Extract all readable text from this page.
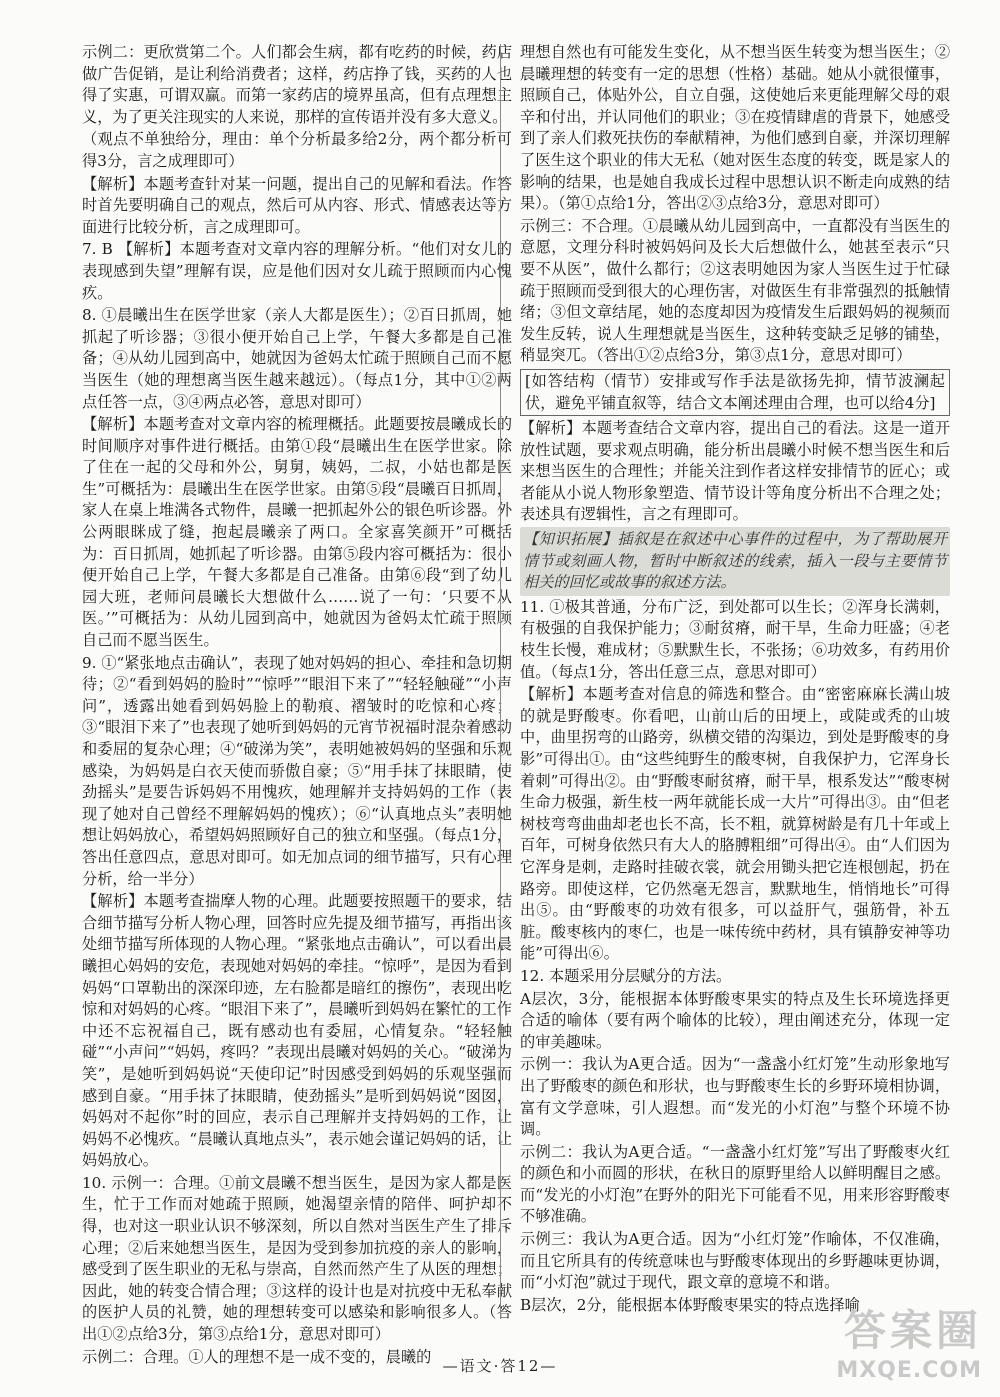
示例二：更欣赏第二个。人们都会生病，都有吃药的时候，药店做广告促销，是让利给消费者；这样，药店挣了钱，买药的人也得了实惠，可谓双赢。而第一家药店的境界虽高，但有点理想主义，为了更关注现实的人来说，那样的宣传语并没有多大意义。

（观点不单独给分，理由：单个分析最多给2分，两个都分析可得3分，言之成理即可）

【解析】本题考查针对某一问题，提出自己的见解和看法。作答时首先要明确自己的观点，然后可从内容、形式、情感表达等方面进行比较分析，言之成理即可。

7. B 【解析】本题考查对文章内容的理解分析。“他们对女儿的表现感到失望”理解有误，应是他们因对女儿疏于照顾而内心愧疚。

8. ①晨曦出生在医学世家（亲人大都是医生）；②百日抓周，她抓起了听诊器；③很小便开始自己上学，午餐大多都是自己准备；④从幼儿园到高中，她就因为爸妈太忙疏于照顾自己而不愿当医生（她的理想离当医生越来越远）。（每点1分，其中①②两点任答一点，③④两点必答，意思对即可）

【解析】本题考查对文章内容的梳理概括。此题要按晨曦成长的时间顺序对事件进行概括。由第①段“晨曦出生在医学世家。除了住在一起的父母和外公，舅舅，姨妈，二叔，小姑也都是医生”可概括为：晨曦出生在医学世家。由第⑤段“晨曦百日抓周，家人在桌上堆满各式物件，晨曦一把抓起外公的银色听诊器。外公两眼眯成了缝，抱起晨曦亲了两口。全家喜笑颜开”可概括为：百日抓周，她抓起了听诊器。由第⑤段内容可概括为：很小便开始自己上学，午餐大多都是自己准备。由第⑥段“到了幼儿园大班，老师问晨曦长大想做什么……说了一句：‘只要不从医。’”可概括为：从幼儿园到高中，她就因为爸妈太忙疏于照顾自己而不愿当医生。

9. ①“紧张地点击确认”，表现了她对妈妈的担心、牵挂和急切期待；②“看到妈妈的脸时”“惊呼”“眼泪下来了”“轻轻触碰”“小声问”，透露出她看到妈妈脸上的勒痕、褶皱时的吃惊和心疼；③“眼泪下来了”也表现了她听到妈妈的元宵节祝福时混杂着感动和委屈的复杂心理；④“破涕为笑”，表明她被妈妈的坚强和乐观感染，为妈妈是白衣天使而骄傲自豪；⑤“用手抹了抹眼睛，使劲摇头”是要告诉妈妈不用愧疚，她理解并支持妈妈的工作（表现了她对自己曾经不理解妈妈的愧疚）；⑥“认真地点头”表明她想让妈妈放心，希望妈妈照顾好自己的独立和坚强。（每点1分，答出任意四点，意思对即可。如无加点词的细节描写，只有心理分析，给一半分）

【解析】本题考查揣摩人物的心理。此题要按照题干的要求，结合细节描写分析人物心理，回答时应先提及细节描写，再指出该处细节描写所体现的人物心理。“紧张地点击确认”，可以看出晨曦担心妈妈的安危，表现她对妈妈的牵挂。“惊呼”，是因为看到妈妈“口罩勒出的深深印迹，左右脸都是暗红的擦伤”，表现出吃惊和对妈妈的心疼。“眼泪下来了”，晨曦听到妈妈在繁忙的工作中还不忘祝福自己，既有感动也有委屈，心情复杂。“轻轻触碰”“小声问”“妈妈，疼吗？”表现出晨曦对妈妈的关心。“破涕为笑”，是她听到妈妈说“天使印记”时因感受到妈妈的乐观坚强而感到自豪。“用手抹了抹眼睛，使劲摇头”是听到妈妈说“囡囡，妈妈对不起你”时的回应，表示自己理解并支持妈妈的工作，让妈妈不必愧疚。“晨曦认真地点头”，表示她会谨记妈妈的话，让妈妈放心。

10. 示例一：合理。①前文晨曦不想当医生，是因为家人都是医生，忙于工作而对她疏于照顾，她渴望亲情的陪伴、呵护却不得，也对这一职业认识不够深刻，所以自然对当医生产生了排斥心理；②后来她想当医生，是因为受到参加抗疫的亲人的影响，感受到了医生职业的无私与崇高，自然而然产生了从医的理想；因此，她的转变合情合理；③这样的设计也是对抗疫中无私奉献的医护人员的礼赞，她的理想转变可以感染和影响很多人。（答出①②点给3分，第③点给1分，意思对即可）

示例二：合理。①人的理想不是一成不变的，晨曦的

理想自然也有可能发生变化，从不想当医生转变为想当医生；②晨曦理想的转变有一定的思想（性格）基础。她从小就很懂事，照顾自己，体贴外公，自立自强，这使她后来更能理解父母的艰辛和付出，并认同他们的职业；③在疫情肆虐的背景下，她感受到了亲人们救死扶伤的奉献精神，为他们感到自豪，并深切理解了医生这个职业的伟大无私（她对医生态度的转变，既是家人的影响的结果，也是她自我成长过程中思想认识不断走向成熟的结果）。（第①点给1分，答出②③点给3分，意思对即可）

示例三：不合理。①晨曦从幼儿园到高中，一直都没有当医生的意愿，文理分科时被妈妈问及长大后想做什么，她甚至表示“只要不从医”，做什么都行；②这表明她因为家人当医生过于忙碌疏于照顾而受到很大的心理伤害，对做医生有非常强烈的抵触情绪；③但文章结尾，她的态度却因为疫情发生后跟妈妈的视频而发生反转，说人生理想就是当医生，这种转变缺乏足够的铺垫，稍显突兀。（答出①②点给3分，第③点1分，意思对即可）

[如答结构（情节）安排或写作手法是欲扬先抑，情节波澜起伏，避免平铺直叙等，结合文本阐述理由合理，也可以给4分]

【解析】本题考查结合文章内容，提出自己的看法。这是一道开放性试题，要求观点明确，能分析出晨曦小时候不想当医生和后来想当医生的合理性；并能关注到作者这样安排情节的匠心；或者能从小说人物形象塑造、情节设计等角度分析出不合理之处；表述具有逻辑性，言之有理即可。

【知识拓展】插叙是在叙述中心事件的过程中，为了帮助展开情节或刻画人物，暂时中断叙述的线索，插入一段与主要情节相关的回忆或故事的叙述方法。

11. ①极其普通，分布广泛，到处都可以生长；②浑身长满刺，有极强的自我保护能力；③耐贫瘠，耐干旱，生命力旺盛；④老枝生长慢，难成材；⑤默默生长，不张扬；⑥功效多，有药用价值。（每点1分，答出任意三点，意思对即可）

【解析】本题考查对信息的筛选和整合。由“密密麻麻长满山坡的就是野酸枣。你看吧，山前山后的田埂上，或陡或秃的山坡中，曲里拐弯的山路旁，纵横交错的沟渠边，到处是野酸枣的身影”可得出①。由“这些纯野生的酸枣树，自我保护力，它浑身长着刺”可得出②。由“野酸枣耐贫瘠，耐干旱，根系发达”“酸枣树生命力极强，新生枝一两年就能长成一大片”可得出③。由“但老树枝弯弯曲曲却老也长不高，长不粗，就算树龄是有几十年或上百年，可树身依然只有大人的胳膊粗细”可得出④。由“人们因为它浑身是刺，走路时挂破衣裳，就会用锄头把它连根刨起，扔在路旁。即使这样，它仍然毫无怨言，默默地生，悄悄地长”可得出⑤。由“野酸枣的功效有很多，可以益肝气，强筋骨，补五脏。酸枣核内的枣仁，也是一味传统中药材，具有镇静安神等功能”可得出⑥。

12. 本题采用分层赋分的方法。

A层次，3分，能根据本体野酸枣果实的特点及生长环境选择更合适的喻体（要有两个喻体的比较），理由阐述充分，体现一定的审美趣味。

示例一：我认为A更合适。因为“一盏盏小红灯笼”生动形象地写出了野酸枣的颜色和形状，也与野酸枣生长的乡野环境相协调，富有文学意味，引人遐想。而“发光的小灯泡”与整个环境不协调。

示例二：我认为A更合适。“一盏盏小红灯笼”写出了野酸枣火红的颜色和小而圆的形状，在秋日的原野里给人以鲜明醒目之感。而“发光的小灯泡”在野外的阳光下可能看不见，用来形容野酸枣不够准确。

示例三：我认为A更合适。因为“小红灯笼”作喻体，不仅准确，而且它所具有的传统意味也与野酸枣体现出的乡野趣味更协调，而“小灯泡”就过于现代，跟文章的意境不和谐。

B层次，2分，能根据本体野酸枣果实的特点选择喻

—语文·答12—
答案圈
MXQE.COM
